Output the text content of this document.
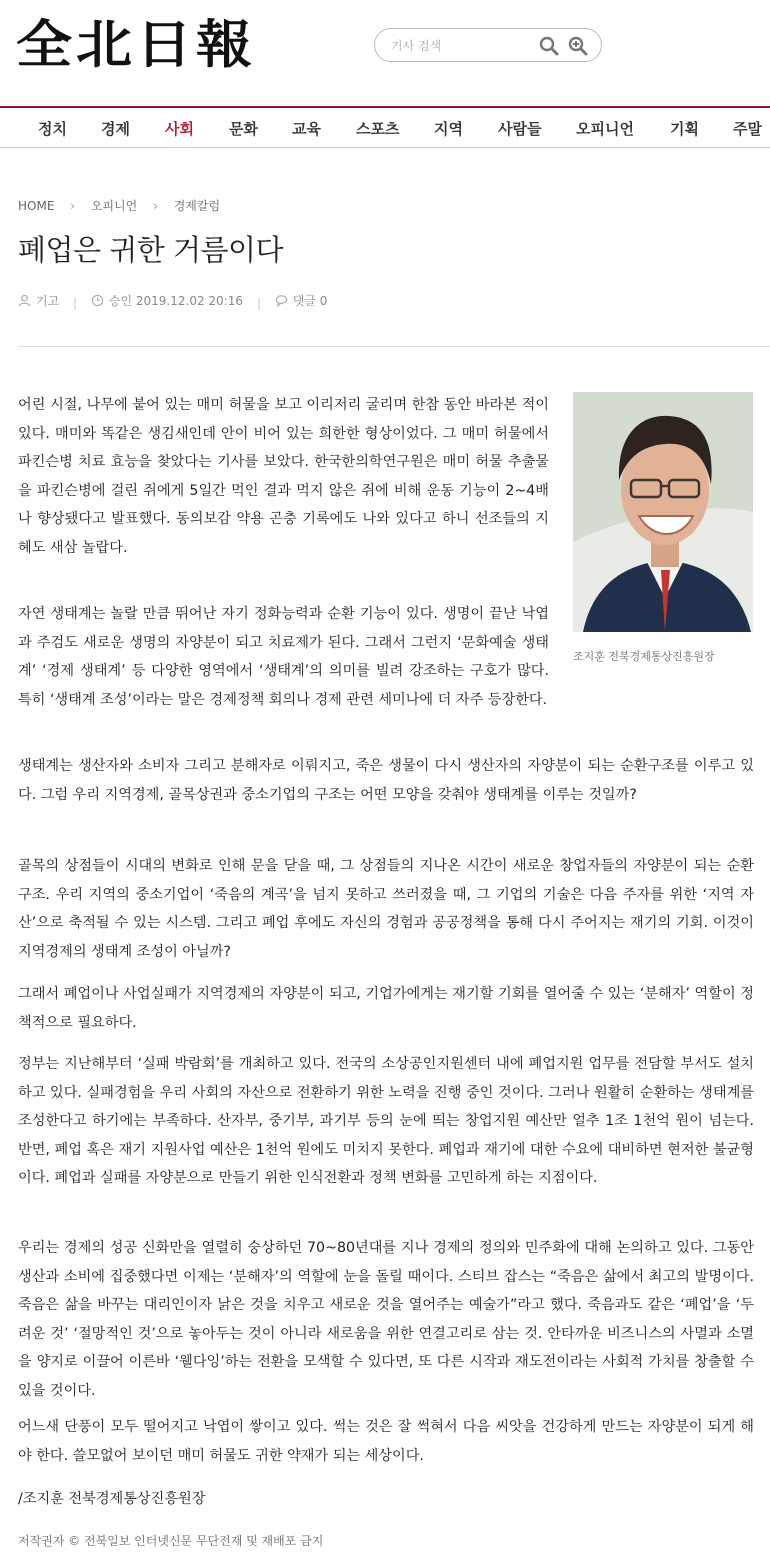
全北日報
기사 검색
정치 경제 사회 문화 교육 스포츠 지역 사람들 오피니언 기획 주말
HOME › 오피니언 › 경제칼럼
폐업은 귀한 거름이다
기고 |	승인 2019.12.02 20:16 |	댓글 0
조지훈 전북경제통상진흥원장

어린 시절, 나무에 붙어 있는 매미 허물을 보고 이리저리 굴리며 한참 동안 바라본 적이 있다. 매미와 똑같은 생김새인데 안이 비어 있는 희한한 형상이었다. 그 매미 허물에서 파킨슨병 치료 효능을 찾았다는 기사를 보았다. 한국한의학연구원은 매미 허물 추출물을 파킨슨병에 걸린 쥐에게 5일간 먹인 결과 먹지 않은 쥐에 비해 운동 기능이 2~4배나 향상됐다고 발표했다. 동의보감 약용 곤충 기록에도 나와 있다고 하니 선조들의 지혜도 새삼 놀랍다.

자연 생태계는 놀랄 만큼 뛰어난 자기 정화능력과 순환 기능이 있다. 생명이 끝난 낙엽과 주검도 새로운 생명의 자양분이 되고 치료제가 된다. 그래서 그런지 ‘문화예술 생태계’ ‘경제 생태계’ 등 다양한 영역에서 ‘생태계’의 의미를 빌려 강조하는 구호가 많다. 특히 ‘생태계 조성’이라는 말은 경제정책 회의나 경제 관련 세미나에 더 자주 등장한다.

생태계는 생산자와 소비자 그리고 분해자로 이뤄지고, 죽은 생물이 다시 생산자의 자양분이 되는 순환구조를 이루고 있다. 그럼 우리 지역경제, 골목상권과 중소기업의 구조는 어떤 모양을 갖춰야 생태계를 이루는 것일까?

골목의 상점들이 시대의 변화로 인해 문을 닫을 때, 그 상점들의 지나온 시간이 새로운 창업자들의 자양분이 되는 순환 구조. 우리 지역의 중소기업이 ‘죽음의 계곡’을 넘지 못하고 쓰러졌을 때, 그 기업의 기술은 다음 주자를 위한 ‘지역 자산’으로 축적될 수 있는 시스템. 그리고 폐업 후에도 자신의 경험과 공공정책을 통해 다시 주어지는 재기의 기회. 이것이 지역경제의 생태계 조성이 아닐까?

그래서 폐업이나 사업실패가 지역경제의 자양분이 되고, 기업가에게는 재기할 기회를 열어줄 수 있는 ‘분해자’ 역할이 정책적으로 필요하다.

정부는 지난해부터 ‘실패 박람회’를 개최하고 있다. 전국의 소상공인지원센터 내에 폐업지원 업무를 전담할 부서도 설치하고 있다. 실패경험을 우리 사회의 자산으로 전환하기 위한 노력을 진행 중인 것이다. 그러나 원활히 순환하는 생태계를 조성한다고 하기에는 부족하다. 산자부, 중기부, 과기부 등의 눈에 띄는 창업지원 예산만 얼추 1조 1천억 원이 넘는다. 반면, 폐업 혹은 재기 지원사업 예산은 1천억 원에도 미치지 못한다. 폐업과 재기에 대한 수요에 대비하면 현저한 불균형이다. 폐업과 실패를 자양분으로 만들기 위한 인식전환과 정책 변화를 고민하게 하는 지점이다.

우리는 경제의 성공 신화만을 열렬히 숭상하던 70~80년대를 지나 경제의 정의와 민주화에 대해 논의하고 있다. 그동안 생산과 소비에 집중했다면 이제는 ‘분해자’의 역할에 눈을 돌릴 때이다. 스티브 잡스는 “죽음은 삶에서 최고의 발명이다. 죽음은 삶을 바꾸는 대리인이자 낡은 것을 치우고 새로운 것을 열어주는 예술가”라고 했다. 죽음과도 같은 ‘폐업’을 ‘두려운 것’ ‘절망적인 것’으로 놓아두는 것이 아니라 새로움을 위한 연결고리로 삼는 것. 안타까운 비즈니스의 사멸과 소멸을 양지로 이끌어 이른바 ‘웰다잉’하는 전환을 모색할 수 있다면, 또 다른 시작과 재도전이라는 사회적 가치를 창출할 수 있을 것이다.

어느새 단풍이 모두 떨어지고 낙엽이 쌓이고 있다. 썩는 것은 잘 썩혀서 다음 씨앗을 건강하게 만드는 자양분이 되게 해야 한다. 쓸모없어 보이던 매미 허물도 귀한 약재가 되는 세상이다.

/조지훈 전북경제통상진흥원장
저작권자 © 전북일보 인터넷신문 무단전재 및 재배포 금지
